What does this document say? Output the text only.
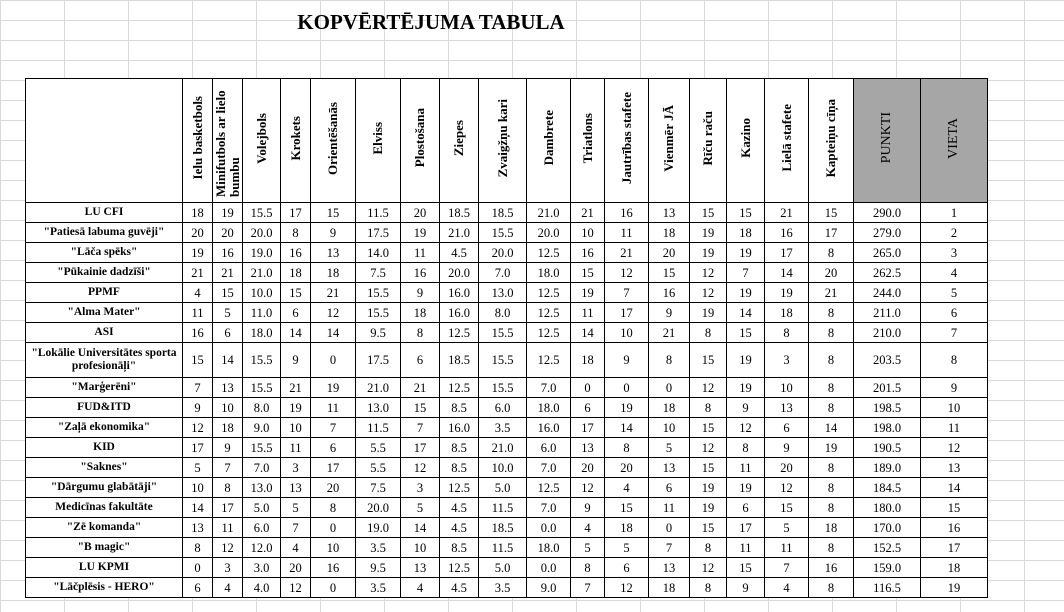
KOPVĒRTĒJUMA TABULA
	Ielu basketbols	Minifutbols ar lielo bumbu	Volejbols	Krokets	Orientēšanās	Elviss	Plostošana	Ziepes	Zvaigžņu kari	Dambrete	Triatlons	Jautrības stafete	Vienmēr JĀ	Rīču raču	Kazino	Lielā stafete	Kapteiņu cīņa	PUNKTI	VIETA
LU CFI	18	19	15.5	17	15	11.5	20	18.5	18.5	21.0	21	16	13	15	15	21	15	290.0	1
"Patiesā labuma guvēji"	20	20	20.0	8	9	17.5	19	21.0	15.5	20.0	10	11	18	19	18	16	17	279.0	2
"Lāča spēks"	19	16	19.0	16	13	14.0	11	4.5	20.0	12.5	16	21	20	19	19	17	8	265.0	3
"Pūkainie dadzīši"	21	21	21.0	18	18	7.5	16	20.0	7.0	18.0	15	12	15	12	7	14	20	262.5	4
PPMF	4	15	10.0	15	21	15.5	9	16.0	13.0	12.5	19	7	16	12	19	19	21	244.0	5
"Alma Mater"	11	5	11.0	6	12	15.5	18	16.0	8.0	12.5	11	17	9	19	14	18	8	211.0	6
ASI	16	6	18.0	14	14	9.5	8	12.5	15.5	12.5	14	10	21	8	15	8	8	210.0	7
"Lokālie Universitātes sporta profesionāļi"	15	14	15.5	9	0	17.5	6	18.5	15.5	12.5	18	9	8	15	19	3	8	203.5	8
"Marģerēni"	7	13	15.5	21	19	21.0	21	12.5	15.5	7.0	0	0	0	12	19	10	8	201.5	9
FUD&ITD	9	10	8.0	19	11	13.0	15	8.5	6.0	18.0	6	19	18	8	9	13	8	198.5	10
"Zaļā ekonomika"	12	18	9.0	10	7	11.5	7	16.0	3.5	16.0	17	14	10	15	12	6	14	198.0	11
KID	17	9	15.5	11	6	5.5	17	8.5	21.0	6.0	13	8	5	12	8	9	19	190.5	12
"Saknes"	5	7	7.0	3	17	5.5	12	8.5	10.0	7.0	20	20	13	15	11	20	8	189.0	13
"Dārgumu glabātāji"	10	8	13.0	13	20	7.5	3	12.5	5.0	12.5	12	4	6	19	19	12	8	184.5	14
Medicīnas fakultāte	14	17	5.0	5	8	20.0	5	4.5	11.5	7.0	9	15	11	19	6	15	8	180.0	15
"Zē komanda"	13	11	6.0	7	0	19.0	14	4.5	18.5	0.0	4	18	0	15	17	5	18	170.0	16
"B magic"	8	12	12.0	4	10	3.5	10	8.5	11.5	18.0	5	5	7	8	11	11	8	152.5	17
LU KPMI	0	3	3.0	20	16	9.5	13	12.5	5.0	0.0	8	6	13	12	15	7	16	159.0	18
"Lāčplēsis - HERO"	6	4	4.0	12	0	3.5	4	4.5	3.5	9.0	7	12	18	8	9	4	8	116.5	19
